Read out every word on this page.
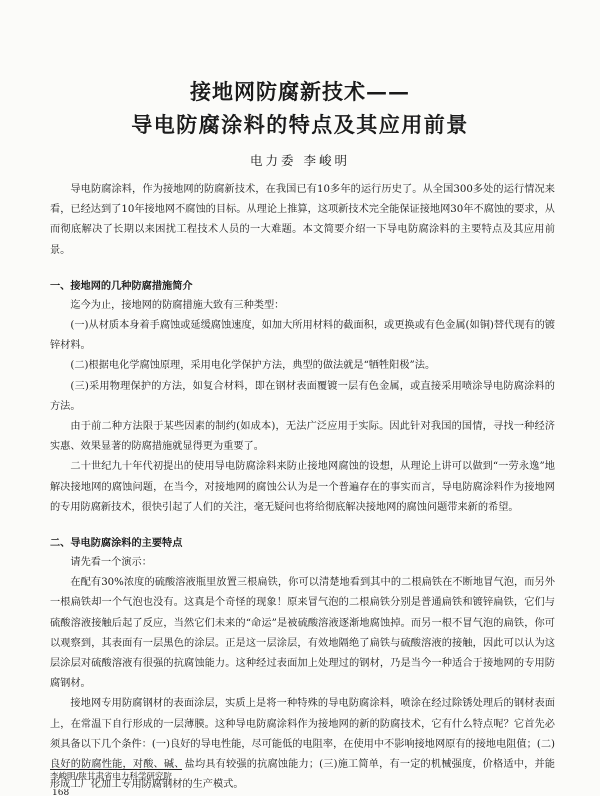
接地网防腐新技术——
导电防腐涂料的特点及其应用前景
电力委 李峻明

导电防腐涂料，作为接地网的防腐新技术，在我国已有10多年的运行历史了。从全国300多处的运行情况来看，已经达到了10年接地网不腐蚀的目标。从理论上推算，这项新技术完全能保证接地网30年不腐蚀的要求，从而彻底解决了长期以来困扰工程技术人员的一大难题。本文简要介绍一下导电防腐涂料的主要特点及其应用前景。

一、接地网的几种防腐措施简介

迄今为止，接地网的防腐措施大致有三种类型：

(一)从材质本身着手腐蚀或延缓腐蚀速度，如加大所用材料的截面积，或更换或有色金属(如铜)替代现有的镀锌材料。

(二)根据电化学腐蚀原理，采用电化学保护方法，典型的做法就是“牺牲阳极”法。

(三)采用物理保护的方法，如复合材料，即在钢材表面覆镀一层有色金属，或直接采用喷涂导电防腐涂料的方法。

由于前二种方法限于某些因素的制约(如成本)，无法广泛应用于实际。因此针对我国的国情，寻找一种经济实惠、效果显著的防腐措施就显得更为重要了。

二十世纪九十年代初提出的使用导电防腐涂料来防止接地网腐蚀的设想，从理论上讲可以做到“一劳永逸”地解决接地网的腐蚀问题，在当今，对接地网的腐蚀公认为是一个普遍存在的事实而言，导电防腐涂料作为接地网的专用防腐新技术，很快引起了人们的关注，毫无疑问也将给彻底解决接地网的腐蚀问题带来新的希望。

二、导电防腐涂料的主要特点

请先看一个演示：

在配有30%浓度的硫酸溶液瓶里放置三根扁铁，你可以清楚地看到其中的二根扁铁在不断地冒气泡，而另外一根扁铁却一个气泡也没有。这真是个奇怪的现象！原来冒气泡的二根扁铁分别是普通扁铁和镀锌扁铁，它们与硫酸溶液接触后起了反应，当然它们未来的“命运”是被硫酸溶液逐渐地腐蚀掉。而另一根不冒气泡的扁铁，你可以观察到，其表面有一层黑色的涂层。正是这一层涂层，有效地隔绝了扁铁与硫酸溶液的接触，因此可以认为这层涂层对硫酸溶液有很强的抗腐蚀能力。这种经过表面加上处理过的钢材，乃是当今一种适合于接地网的专用防腐钢材。

接地网专用防腐钢材的表面涂层，实质上是将一种特殊的导电防腐涂料，喷涂在经过除锈处理后的钢材表面上，在常温下自行形成的一层薄膜。这种导电防腐涂料作为接地网的新的防腐技术，它有什么特点呢？它首先必须具备以下几个条件：(一)良好的导电性能，尽可能低的电阻率，在使用中不影响接地网原有的接地电阻值；(二)良好的防腐性能，对酸、碱、盐均具有较强的抗腐蚀能力；(三)施工简单，有一定的机械强度，价格适中，并能形成工厂化加工专用防腐钢材的生产模式。

李峻明/陕甘肃省电力科学研究院
168
